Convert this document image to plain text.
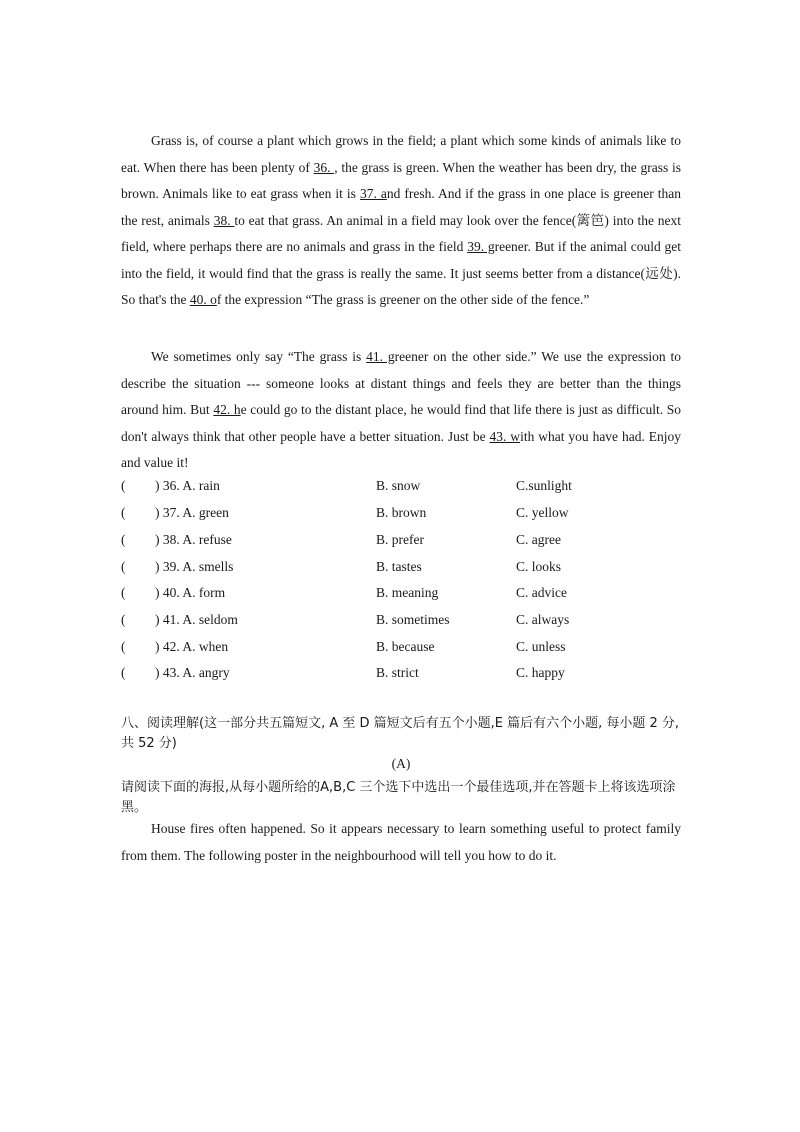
Grass is, of course a plant which grows in the field; a plant which some kinds of animals like to eat. When there has been plenty of 36. , the grass is green. When the weather has been dry, the grass is brown. Animals like to eat grass when it is 37. and fresh. And if the grass in one place is greener than the rest, animals 38. to eat that grass. An animal in a field may look over the fence(篱笆) into the next field, where perhaps there are no animals and grass in the field 39. greener. But if the animal could get into the field, it would find that the grass is really the same. It just seems better from a distance(远处). So that's the 40. of the expression “The grass is greener on the other side of the fence.”

We sometimes only say “The grass is 41. greener on the other side.” We use the expression to describe the situation --- someone looks at distant things and feels they are better than the things around him. But 42. he could go to the distant place, he would find that life there is just as difficult. So don't always think that other people have a better situation. Just be 43. with what you have had. Enjoy and value it!

( ) 36. A. rain	B. snow	C.sunlight
( ) 37. A. green	B. brown	C. yellow
( ) 38. A. refuse	B. prefer	C. agree
( ) 39. A. smells	B. tastes	C. looks
( ) 40. A. form	B. meaning	C. advice
( ) 41. A. seldom	B. sometimes	C. always
( ) 42. A. when	B. because	C. unless
( ) 43. A. angry	B. strict	C. happy

八、阅读理解(这一部分共五篇短文, A 至 D 篇短文后有五个小题,E 篇后有六个小题, 每小题 2 分, 共 52 分)

(A)

请阅读下面的海报,从每小题所给的A,B,C 三个选下中选出一个最佳选项,并在答题卡上将该选项涂黑。

House fires often happened. So it appears necessary to learn something useful to protect family from them. The following poster in the neighbourhood will tell you how to do it.
